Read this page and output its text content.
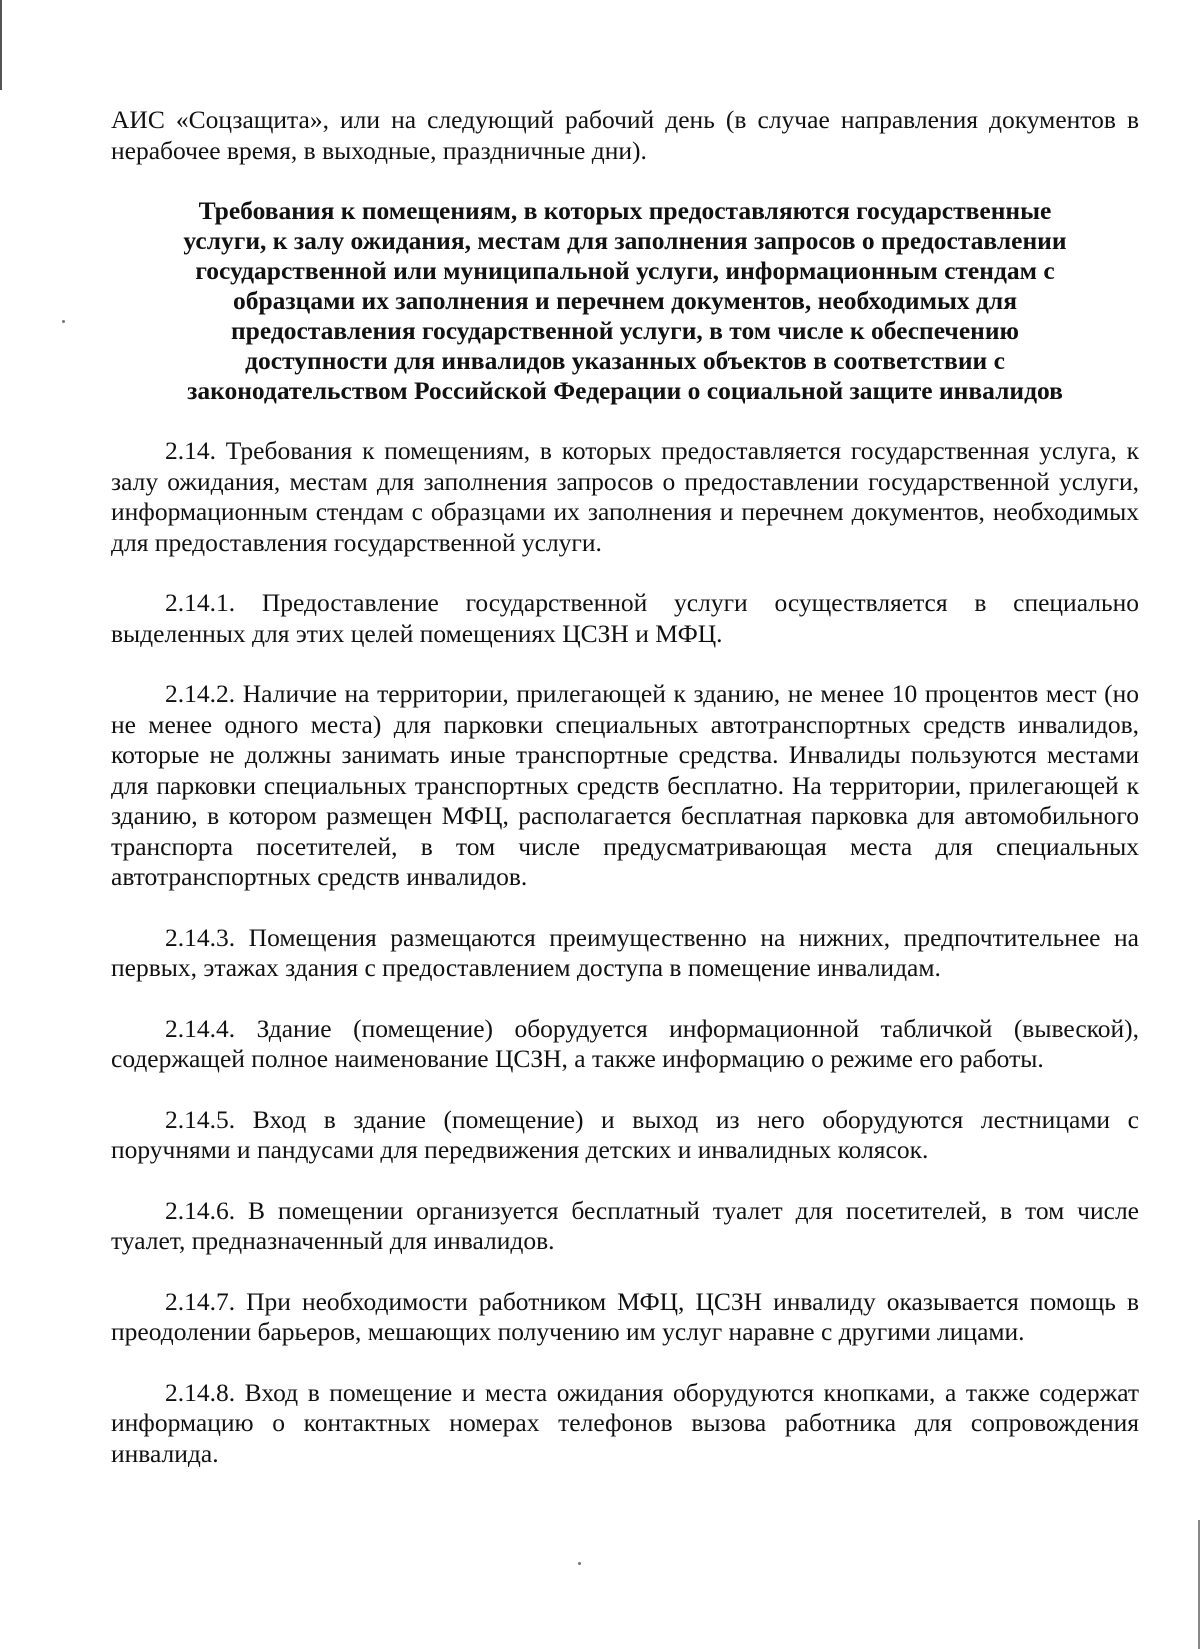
АИС «Соцзащита», или на следующий рабочий день (в случае направления документов в нерабочее время, в выходные, праздничные дни).

Требования к помещениям, в которых предоставляются государственные услуги, к залу ожидания, местам для заполнения запросов о предоставлении государственной или муниципальной услуги, информационным стендам с образцами их заполнения и перечнем документов, необходимых для предоставления государственной услуги, в том числе к обеспечению доступности для инвалидов указанных объектов в соответствии с законодательством Российской Федерации о социальной защите инвалидов

2.14. Требования к помещениям, в которых предоставляется государственная услуга, к залу ожидания, местам для заполнения запросов о предоставлении государственной услуги, информационным стендам с образцами их заполнения и перечнем документов, необходимых для предоставления государственной услуги.

2.14.1. Предоставление государственной услуги осуществляется в специально выделенных для этих целей помещениях ЦСЗН и МФЦ.

2.14.2. Наличие на территории, прилегающей к зданию, не менее 10 процентов мест (но не менее одного места) для парковки специальных автотранспортных средств инвалидов, которые не должны занимать иные транспортные средства. Инвалиды пользуются местами для парковки специальных транспортных средств бесплатно. На территории, прилегающей к зданию, в котором размещен МФЦ, располагается бесплатная парковка для автомобильного транспорта посетителей, в том числе предусматривающая места для специальных автотранспортных средств инвалидов.

2.14.3. Помещения размещаются преимущественно на нижних, предпочтительнее на первых, этажах здания с предоставлением доступа в помещение инвалидам.

2.14.4. Здание (помещение) оборудуется информационной табличкой (вывеской), содержащей полное наименование ЦСЗН, а также информацию о режиме его работы.

2.14.5. Вход в здание (помещение) и выход из него оборудуются лестницами с поручнями и пандусами для передвижения детских и инвалидных колясок.

2.14.6. В помещении организуется бесплатный туалет для посетителей, в том числе туалет, предназначенный для инвалидов.

2.14.7. При необходимости работником МФЦ, ЦСЗН инвалиду оказывается помощь в преодолении барьеров, мешающих получению им услуг наравне с другими лицами.

2.14.8. Вход в помещение и места ожидания оборудуются кнопками, а также содержат информацию о контактных номерах телефонов вызова работника для сопровождения инвалида.
